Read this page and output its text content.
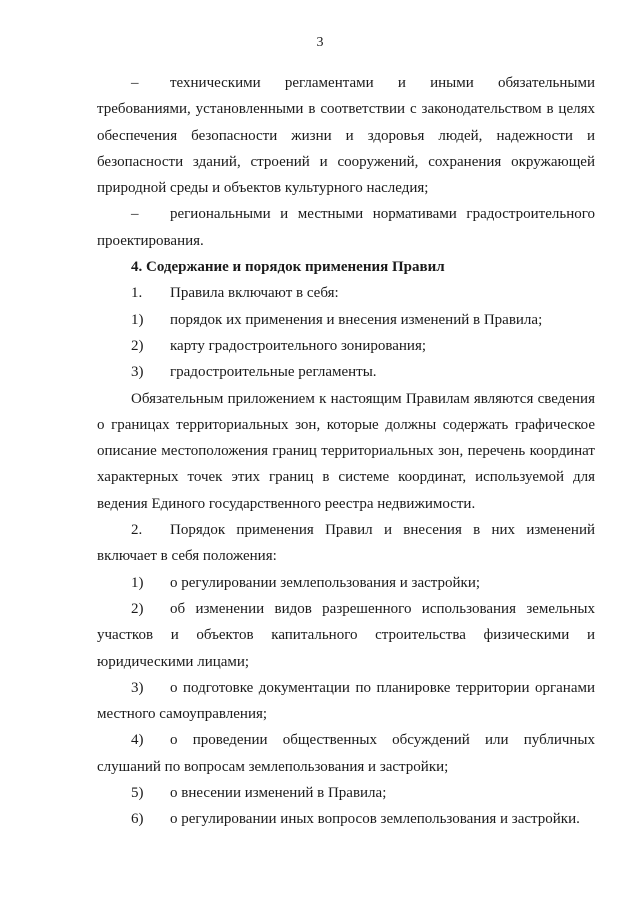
3

– техническими регламентами и иными обязательными требованиями, установленными в соответствии с законодательством в целях обеспечения безопасности жизни и здоровья людей, надежности и безопасности зданий, строений и сооружений, сохранения окружающей природной среды и объектов культурного наследия;

– региональными и местными нормативами градостроительного проектирования.

4. Содержание и порядок применения Правил

1. Правила включают в себя:

1) порядок их применения и внесения изменений в Правила;

2) карту градостроительного зонирования;

3) градостроительные регламенты.

Обязательным приложением к настоящим Правилам являются сведения о границах территориальных зон, которые должны содержать графическое описание местоположения границ территориальных зон, перечень координат характерных точек этих границ в системе координат, используемой для ведения Единого государственного реестра недвижимости.

2. Порядок применения Правил и внесения в них изменений включает в себя положения:

1) о регулировании землепользования и застройки;

2) об изменении видов разрешенного использования земельных участков и объектов капитального строительства физическими и юридическими лицами;

3) о подготовке документации по планировке территории органами местного самоуправления;

4) о проведении общественных обсуждений или публичных слушаний по вопросам землепользования и застройки;

5) о внесении изменений в Правила;

6) о регулировании иных вопросов землепользования и застройки.
